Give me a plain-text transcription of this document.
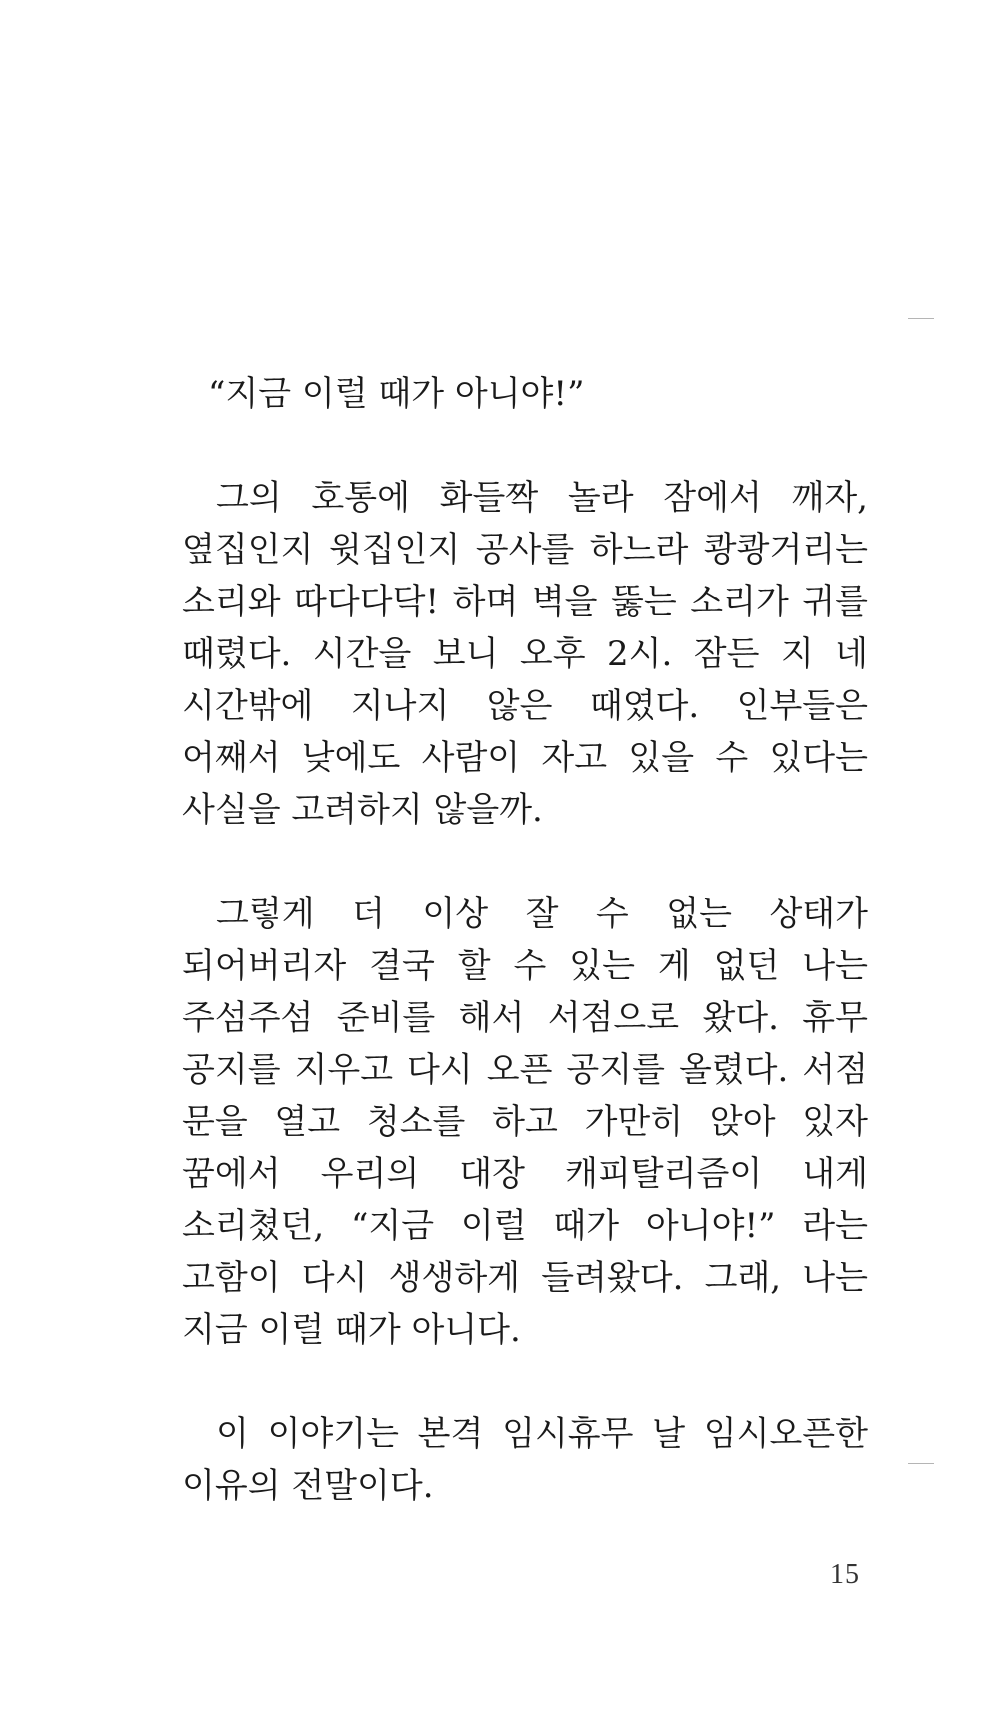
“지금 이럴 때가 아니야!”

그의 호통에 화들짝 놀라 잠에서 깨자, 옆집인지 윗집인지 공사를 하느라 쾅쾅거리는 소리와 따다다닥! 하며 벽을 뚫는 소리가 귀를 때렸다. 시간을 보니 오후 2시. 잠든 지 네 시간밖에 지나지 않은 때였다. 인부들은 어째서 낮에도 사람이 자고 있을 수 있다는 사실을 고려하지 않을까.

그렇게 더 이상 잘 수 없는 상태가 되어버리자 결국 할 수 있는 게 없던 나는 주섬주섬 준비를 해서 서점으로 왔다. 휴무 공지를 지우고 다시 오픈 공지를 올렸다. 서점 문을 열고 청소를 하고 가만히 앉아 있자 꿈에서 우리의 대장 캐피탈리즘이 내게 소리쳤던, “지금 이럴 때가 아니야!” 라는 고함이 다시 생생하게 들려왔다. 그래, 나는 지금 이럴 때가 아니다.

이 이야기는 본격 임시휴무 날 임시오픈한 이유의 전말이다.

15
